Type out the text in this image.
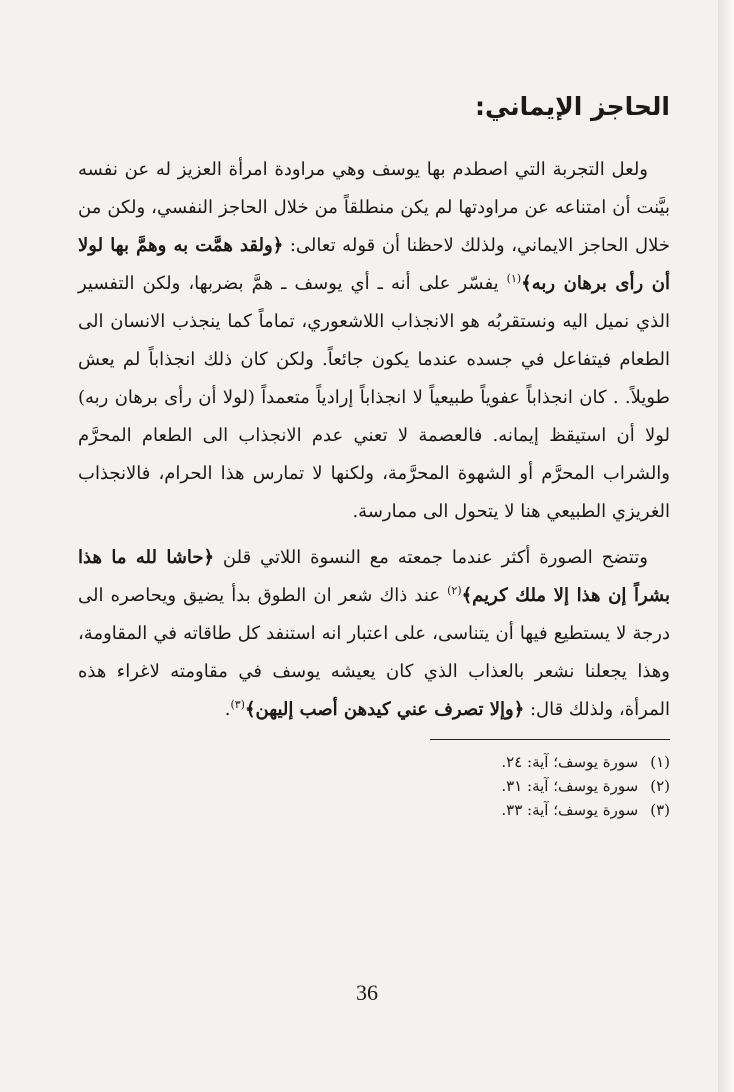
الحاجز الإيماني:

ولعل التجربة التي اصطدم بها يوسف وهي مراودة امرأة العزيز له عن نفسه بيَّنت أن امتناعه عن مراودتها لم يكن منطلقاً من خلال الحاجز النفسي، ولكن من خلال الحاجز الايماني، ولذلك لاحظنا أن قوله تعالى: ﴿ولقد همَّت به وهمَّ بها لولا أن رأى برهان ربه﴾$^{(١)}$ يفسّر على أنه ـ أي يوسف ـ همَّ بضربها، ولكن التفسير الذي نميل اليه ونستقربُه هو الانجذاب اللاشعوري، تماماً كما ينجذب الانسان الى الطعام فيتفاعل في جسده عندما يكون جائعاً. ولكن كان ذلك انجذاباً لم يعش طويلاً. . كان انجذاباً عفوياً طبيعياً لا انجذاباً إرادياً متعمداً (لولا أن رأى برهان ربه) لولا أن استيقظ إيمانه. فالعصمة لا تعني عدم الانجذاب الى الطعام المحرَّم والشراب المحرَّم أو الشهوة المحرَّمة، ولكنها لا تمارس هذا الحرام، فالانجذاب الغريزي الطبيعي هنا لا يتحول الى ممارسة.

وتتضح الصورة أكثر عندما جمعته مع النسوة اللاتي قلن ﴿حاشا لله ما هذا بشراً إن هذا إلا ملك كريم﴾$^{(٢)}$ عند ذاك شعر ان الطوق بدأ يضيق ويحاصره الى درجة لا يستطيع فيها أن يتناسى، على اعتبار انه استنفد كل طاقاته في المقاومة، وهذا يجعلنا نشعر بالعذاب الذي كان يعيشه يوسف في مقاومته لاغراء هذه المرأة، ولذلك قال: ﴿وإلا تصرف عني كيدهن أصب إليهن﴾$^{(٣)}$.

(١)سورة يوسف؛ آية: ٢٤.
(٢)سورة يوسف؛ آية: ٣١.
(٣)سورة يوسف؛ آية: ٣٣.
36
